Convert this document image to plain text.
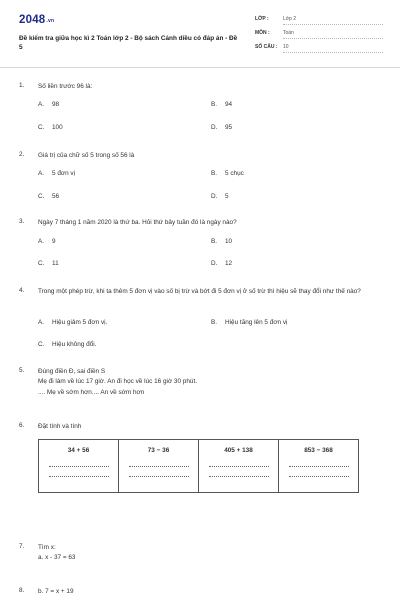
2048.vn
Đề kiểm tra giữa học kì 2 Toán lớp 2 - Bộ sách Cánh diều có đáp án - Đề 5
LỚP :	Lớp 2
MÔN :	Toán
SỐ CÂU : 10
1.	Số liền trước 96 là:
A. 98	B. 94
C. 100	D. 95
2.	Giá trị của chữ số 5 trong số 56 là
A. 5 đơn vị	B. 5 chục
C. 56	D. 5
3.	Ngày 7 tháng 1 năm 2020 là thứ ba. Hỏi thứ bảy tuần đó là ngày nào?
A. 9	B. 10
C. 11	D. 12
4.	Trong một phép trừ, khi ta thêm 5 đơn vị vào số bị trừ và bớt đi 5 đơn vị ở số trừ thì hiệu sẽ thay đổi như thế nào?
A. Hiệu giảm 5 đơn vị.	B. Hiệu tăng lên 5 đơn vị
C. Hiệu không đổi.
5.	Đúng điền Đ, sai điền S
Mẹ đi làm về lúc 17 giờ. An đi học về lúc 16 giờ 30 phút.
.... Mẹ về sớm hơn.... An về sớm hơn
6.	Đặt tính và tính
34 + 56	73 − 36	405 + 138	853 − 368
7.	Tìm x:
a. x - 37 = 63
8.	b. 7 = x + 19
